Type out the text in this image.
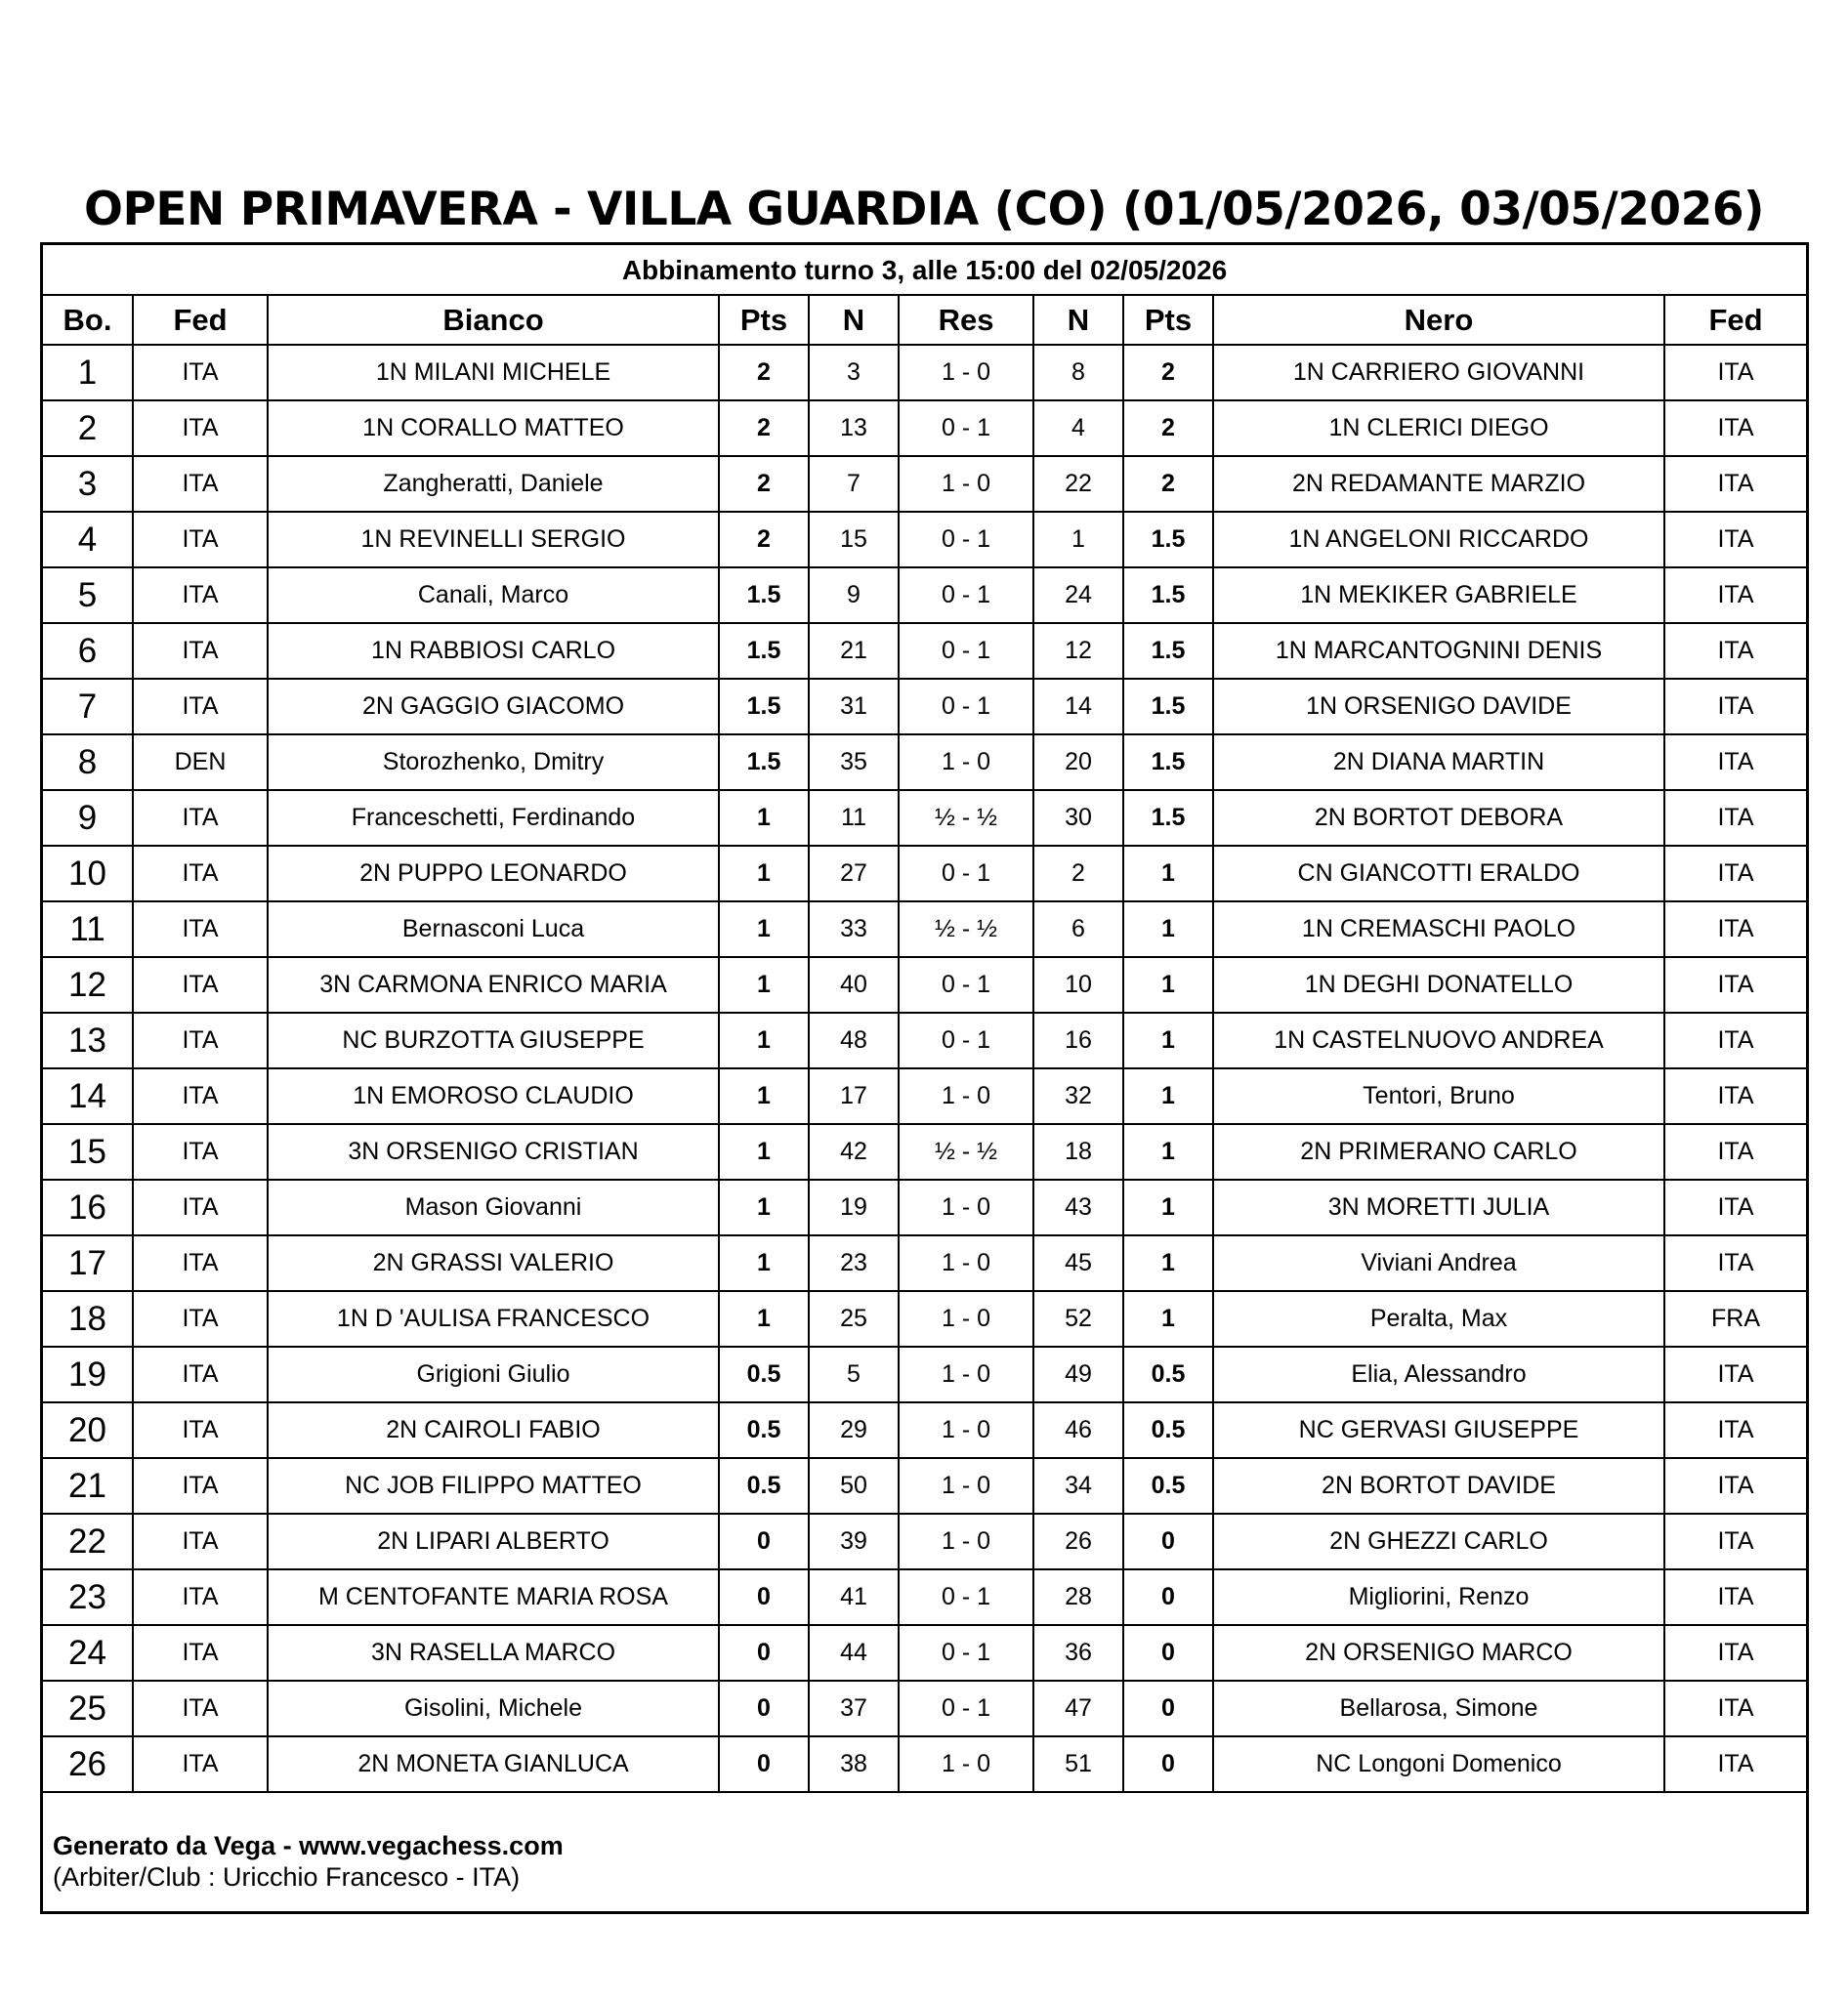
OPEN PRIMAVERA - VILLA GUARDIA (CO) (01/05/2026, 03/05/2026)
Abbinamento turno 3, alle 15:00 del 02/05/2026
Bo.	Fed	Bianco	Pts	N	Res	N	Pts	Nero	Fed
1	ITA	1N MILANI MICHELE	2	3	1 - 0	8	2	1N CARRIERO GIOVANNI	ITA
2	ITA	1N CORALLO MATTEO	2	13	0 - 1	4	2	1N CLERICI DIEGO	ITA
3	ITA	Zangheratti, Daniele	2	7	1 - 0	22	2	2N REDAMANTE MARZIO	ITA
4	ITA	1N REVINELLI SERGIO	2	15	0 - 1	1	1.5	1N ANGELONI RICCARDO	ITA
5	ITA	Canali, Marco	1.5	9	0 - 1	24	1.5	1N MEKIKER GABRIELE	ITA
6	ITA	1N RABBIOSI CARLO	1.5	21	0 - 1	12	1.5	1N MARCANTOGNINI DENIS	ITA
7	ITA	2N GAGGIO GIACOMO	1.5	31	0 - 1	14	1.5	1N ORSENIGO DAVIDE	ITA
8	DEN	Storozhenko, Dmitry	1.5	35	1 - 0	20	1.5	2N DIANA MARTIN	ITA
9	ITA	Franceschetti, Ferdinando	1	11	½ - ½	30	1.5	2N BORTOT DEBORA	ITA
10	ITA	2N PUPPO LEONARDO	1	27	0 - 1	2	1	CN GIANCOTTI ERALDO	ITA
11	ITA	Bernasconi Luca	1	33	½ - ½	6	1	1N CREMASCHI PAOLO	ITA
12	ITA	3N CARMONA ENRICO MARIA	1	40	0 - 1	10	1	1N DEGHI DONATELLO	ITA
13	ITA	NC BURZOTTA GIUSEPPE	1	48	0 - 1	16	1	1N CASTELNUOVO ANDREA	ITA
14	ITA	1N EMOROSO CLAUDIO	1	17	1 - 0	32	1	Tentori, Bruno	ITA
15	ITA	3N ORSENIGO CRISTIAN	1	42	½ - ½	18	1	2N PRIMERANO CARLO	ITA
16	ITA	Mason Giovanni	1	19	1 - 0	43	1	3N MORETTI JULIA	ITA
17	ITA	2N GRASSI VALERIO	1	23	1 - 0	45	1	Viviani Andrea	ITA
18	ITA	1N D 'AULISA FRANCESCO	1	25	1 - 0	52	1	Peralta, Max	FRA
19	ITA	Grigioni Giulio	0.5	5	1 - 0	49	0.5	Elia, Alessandro	ITA
20	ITA	2N CAIROLI FABIO	0.5	29	1 - 0	46	0.5	NC GERVASI GIUSEPPE	ITA
21	ITA	NC JOB FILIPPO MATTEO	0.5	50	1 - 0	34	0.5	2N BORTOT DAVIDE	ITA
22	ITA	2N LIPARI ALBERTO	0	39	1 - 0	26	0	2N GHEZZI CARLO	ITA
23	ITA	M CENTOFANTE MARIA ROSA	0	41	0 - 1	28	0	Migliorini, Renzo	ITA
24	ITA	3N RASELLA MARCO	0	44	0 - 1	36	0	2N ORSENIGO MARCO	ITA
25	ITA	Gisolini, Michele	0	37	0 - 1	47	0	Bellarosa, Simone	ITA
26	ITA	2N MONETA GIANLUCA	0	38	1 - 0	51	0	NC Longoni Domenico	ITA
Generato da Vega - www.vegachess.com
(Arbiter/Club : Uricchio Francesco - ITA)
